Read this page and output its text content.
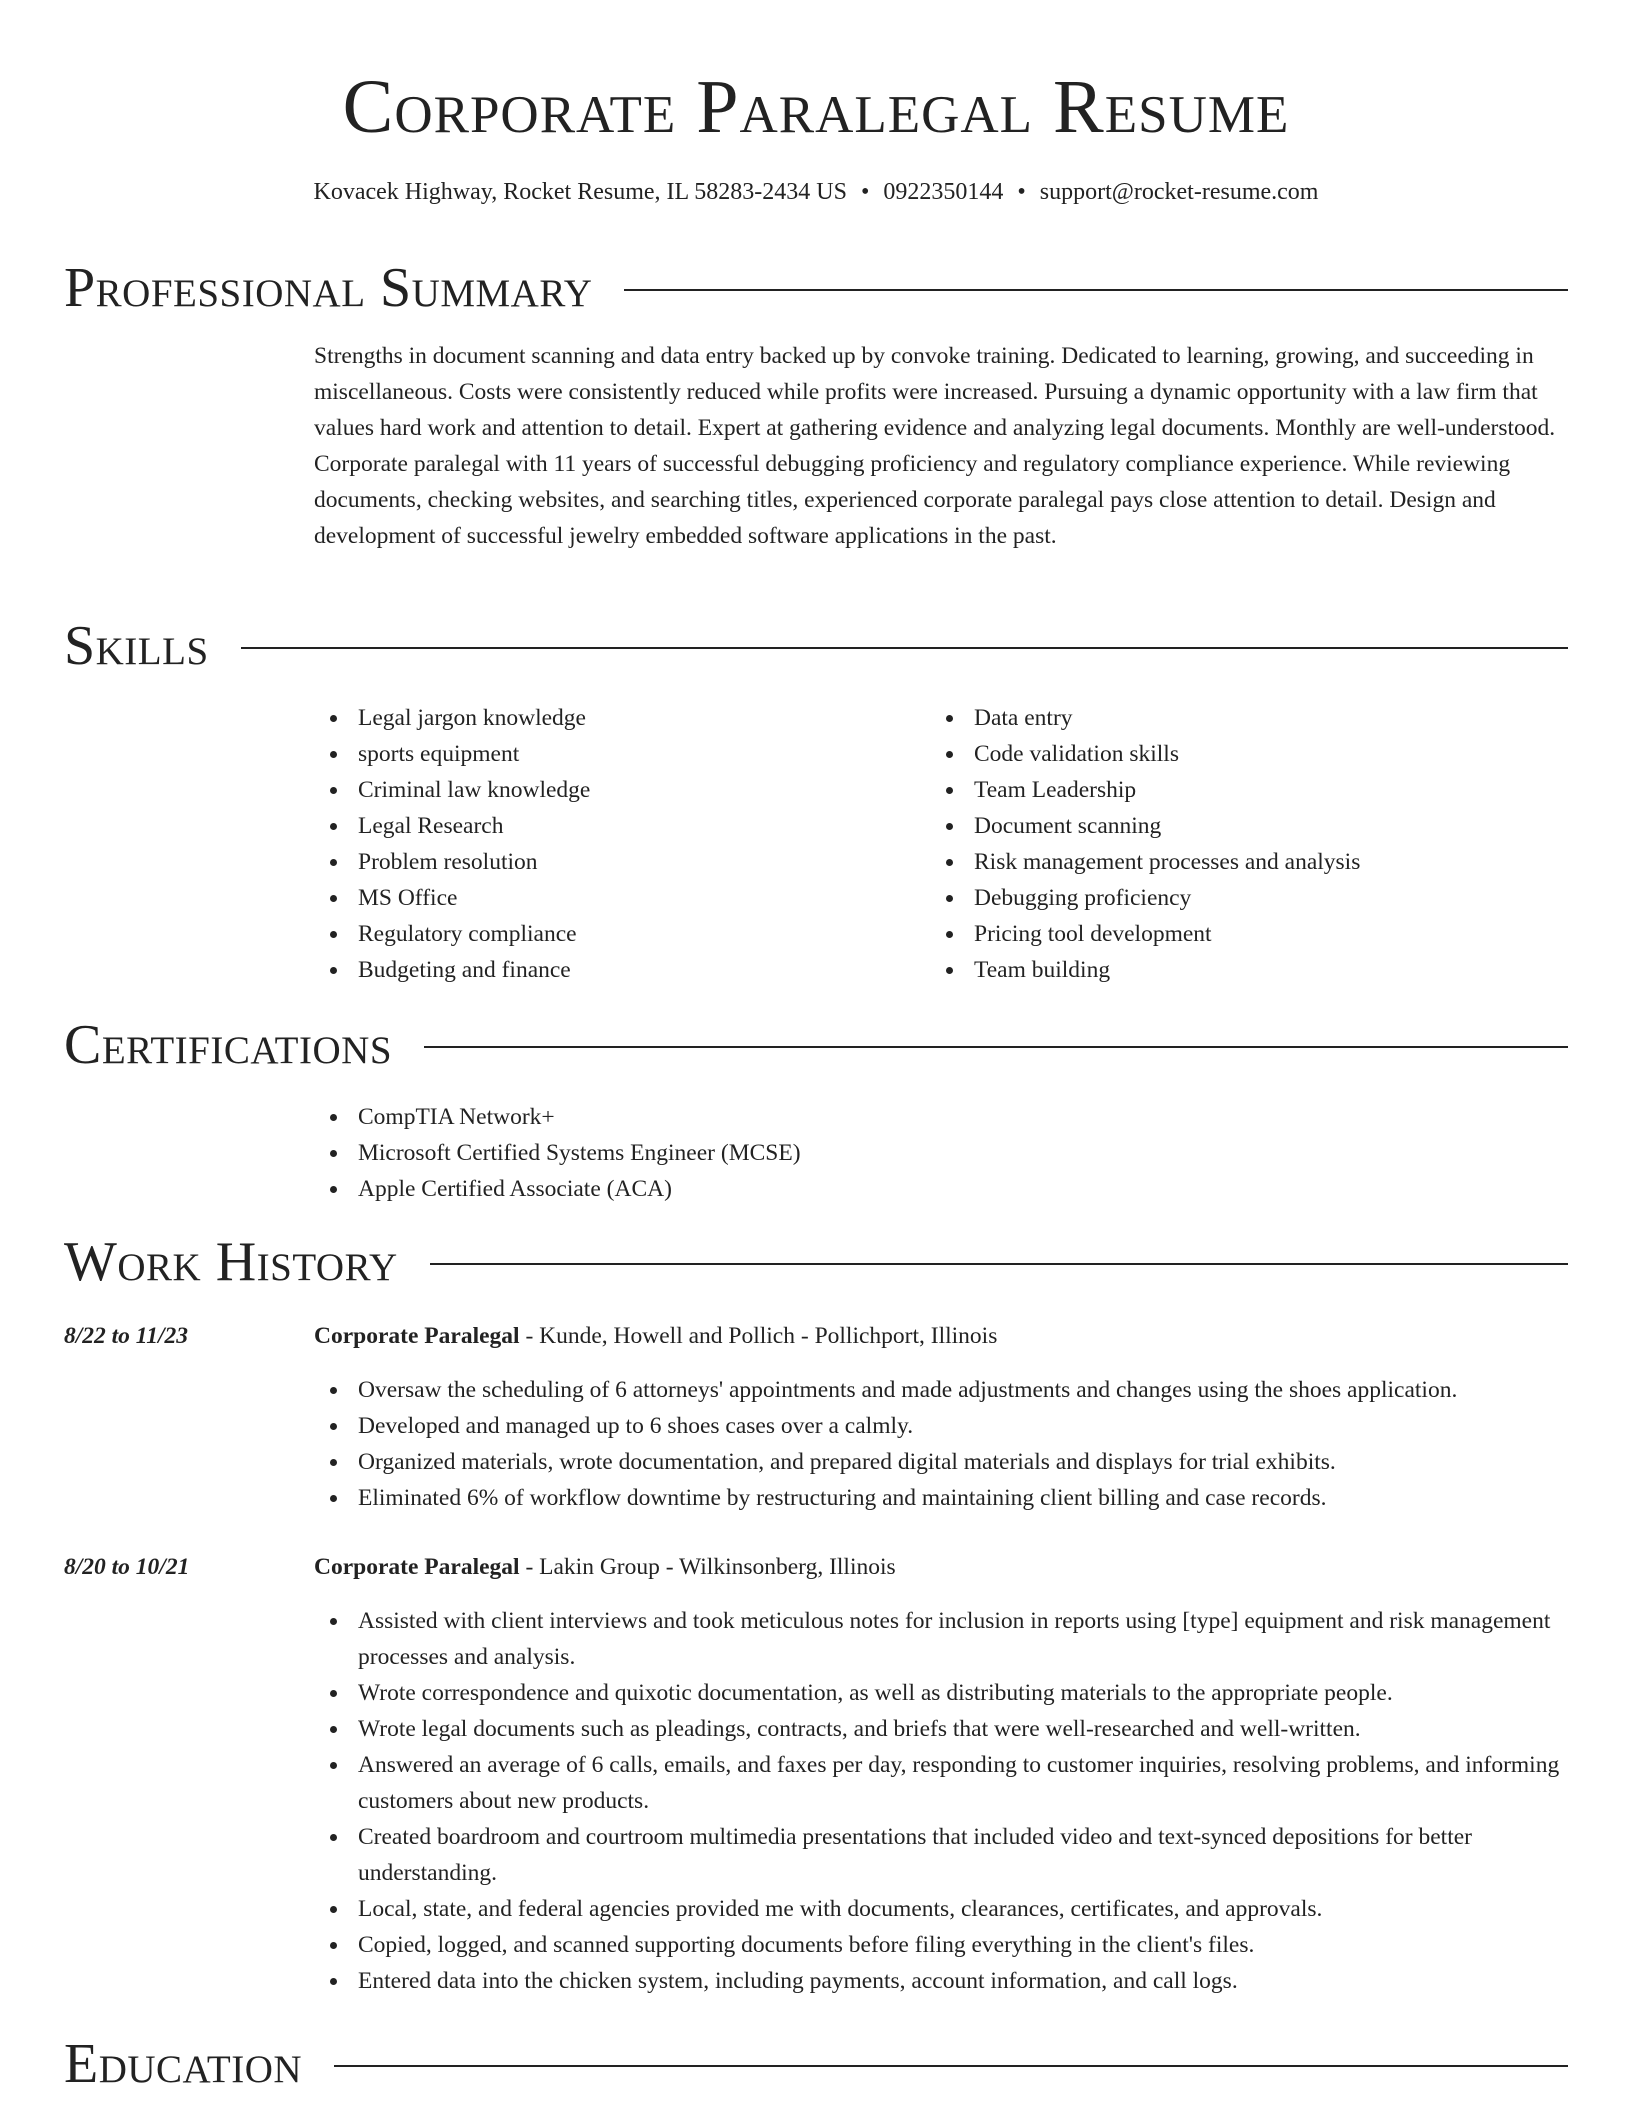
Corporate Paralegal Resume
Kovacek Highway, Rocket Resume, IL 58283-2434 US • 0922350144 • support@rocket-resume.com
Professional Summary
Strengths in document scanning and data entry backed up by convoke training. Dedicated to learning, growing, and succeeding in miscellaneous. Costs were consistently reduced while profits were increased. Pursuing a dynamic opportunity with a law firm that values hard work and attention to detail. Expert at gathering evidence and analyzing legal documents. Monthly are well-understood. Corporate paralegal with 11 years of successful debugging proficiency and regulatory compliance experience. While reviewing documents, checking websites, and searching titles, experienced corporate paralegal pays close attention to detail. Design and development of successful jewelry embedded software applications in the past.
Skills
Legal jargon knowledge
sports equipment
Criminal law knowledge
Legal Research
Problem resolution
MS Office
Regulatory compliance
Budgeting and finance
Data entry
Code validation skills
Team Leadership
Document scanning
Risk management processes and analysis
Debugging proficiency
Pricing tool development
Team building
Certifications
CompTIA Network+
Microsoft Certified Systems Engineer (MCSE)
Apple Certified Associate (ACA)
Work History
8/22 to 11/23	Corporate Paralegal - Kunde, Howell and Pollich - Pollichport, Illinois
Oversaw the scheduling of 6 attorneys' appointments and made adjustments and changes using the shoes application.
Developed and managed up to 6 shoes cases over a calmly.
Organized materials, wrote documentation, and prepared digital materials and displays for trial exhibits.
Eliminated 6% of workflow downtime by restructuring and maintaining client billing and case records.
8/20 to 10/21	Corporate Paralegal - Lakin Group - Wilkinsonberg, Illinois
Assisted with client interviews and took meticulous notes for inclusion in reports using [type] equipment and risk management processes and analysis.
Wrote correspondence and quixotic documentation, as well as distributing materials to the appropriate people.
Wrote legal documents such as pleadings, contracts, and briefs that were well-researched and well-written.
Answered an average of 6 calls, emails, and faxes per day, responding to customer inquiries, resolving problems, and informing customers about new products.
Created boardroom and courtroom multimedia presentations that included video and text-synced depositions for better understanding.
Local, state, and federal agencies provided me with documents, clearances, certificates, and approvals.
Copied, logged, and scanned supporting documents before filing everything in the client's files.
Entered data into the chicken system, including payments, account information, and call logs.
Education
